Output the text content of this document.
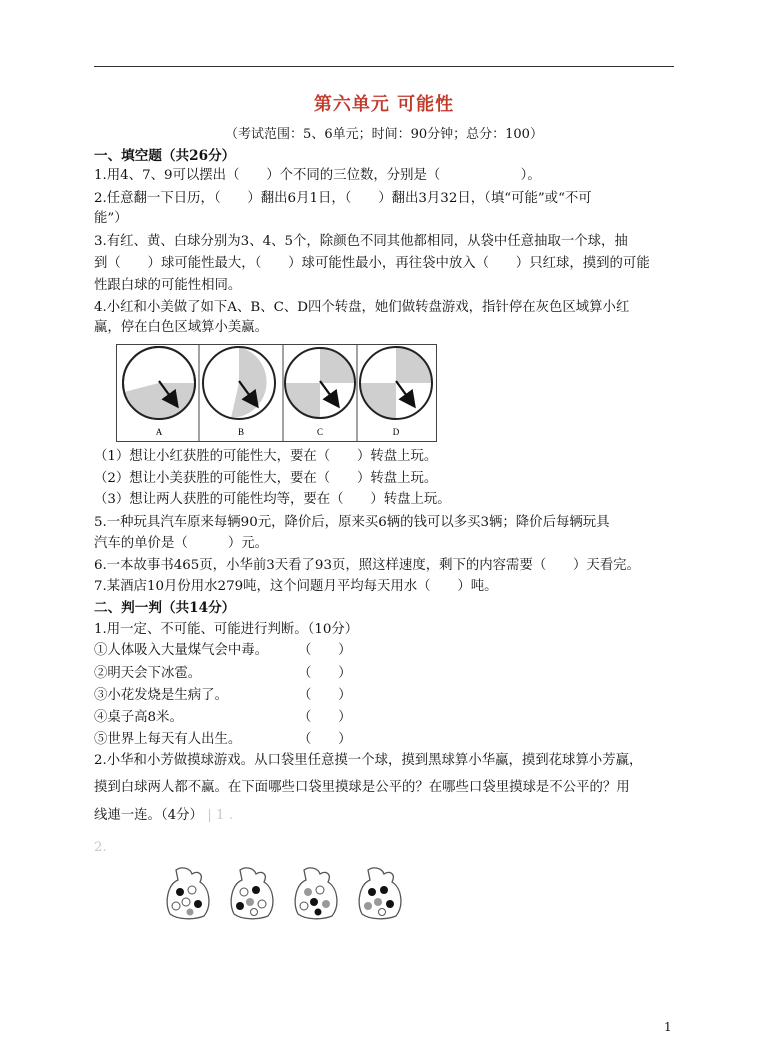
第六单元 可能性
（考试范围：5、6单元；时间：90分钟；总分：100）
一、填空题（共26分）
1.用4、7、9可以摆出（　　）个不同的三位数，分别是（　　　　　　）。
2.任意翻一下日历，（　　）翻出6月1日，（　　）翻出3月32日，（填“可能”或“不可
能”）
3.有红、黄、白球分别为3、4、5个，除颜色不同其他都相同，从袋中任意抽取一个球，抽
到（　　）球可能性最大，（　　）球可能性最小，再往袋中放入（　　）只红球，摸到的可能
性跟白球的可能性相同。
4.小红和小美做了如下A、B、C、D四个转盘，她们做转盘游戏，指针停在灰色区域算小红
赢，停在白色区域算小美赢。
A	B	C	D
（1）想让小红获胜的可能性大，要在（　　）转盘上玩。
（2）想让小美获胜的可能性大，要在（　　）转盘上玩。
（3）想让两人获胜的可能性均等，要在（　　）转盘上玩。
5.一种玩具汽车原来每辆90元，降价后，原来买6辆的钱可以多买3辆；降价后每辆玩具
汽车的单价是（　　　）元。
6.一本故事书465页，小华前3天看了93页，照这样速度，剩下的内容需要（　　）天看完。
7.某酒店10月份用水279吨，这个问题月平均每天用水（　　）吨。
二、判一判（共14分）
1.用一定、不可能、可能进行判断。（10分）
①人体吸入大量煤气会中毒。 （　　）
②明天会下冰雹。	（　　）
③小花发烧是生病了。	（　　）
④桌子高8米。	（　　）
⑤世界上每天有人出生。	（　　）
2.小华和小芳做摸球游戏。从口袋里任意摸一个球，摸到黑球算小华赢，摸到花球算小芳赢，
摸到白球两人都不赢。在下面哪些口袋里摸球是公平的？在哪些口袋里摸球是不公平的？用
线連一连。（4分） | 1 .
2.
1
